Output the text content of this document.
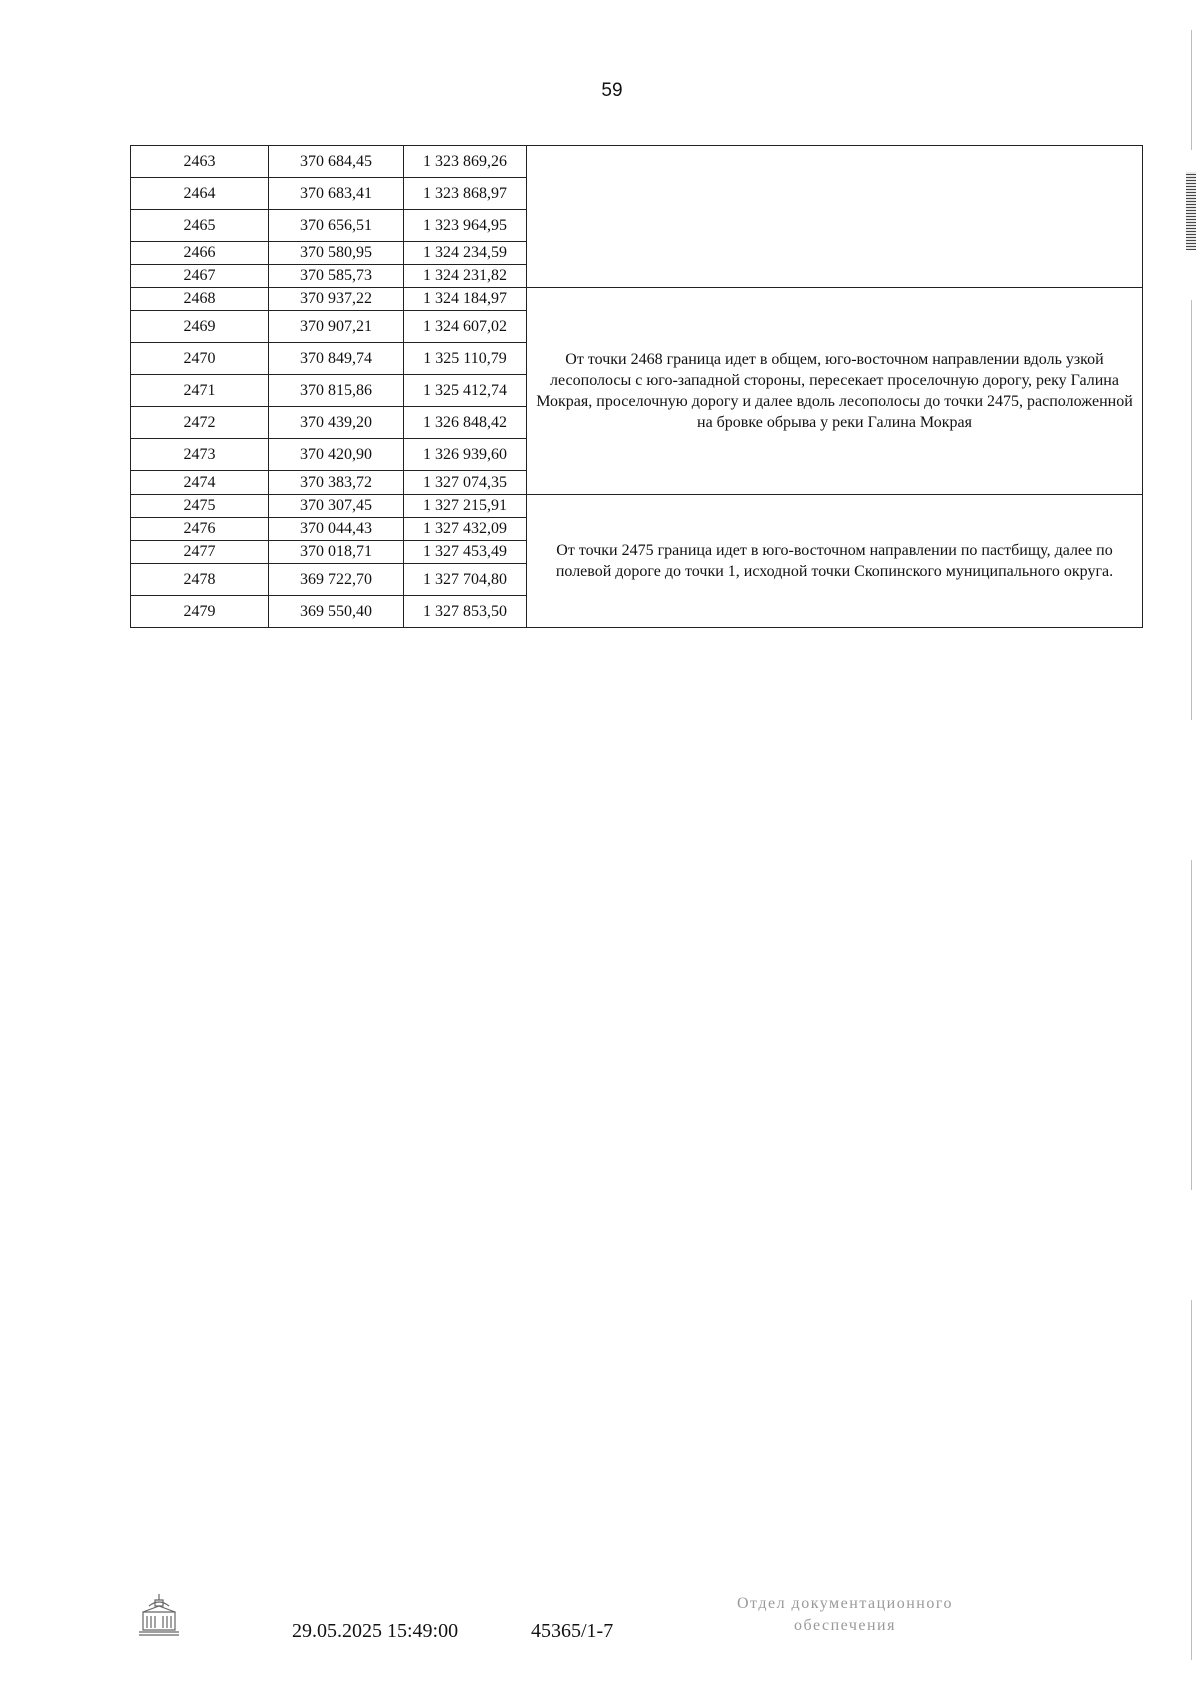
59
2463	370 684,45	1 323 869,26	
2464	370 683,41	1 323 868,97	
2465	370 656,51	1 323 964,95	
2466	370 580,95	1 324 234,59	
2467	370 585,73	1 324 231,82	
2468	370 937,22	1 324 184,97	От точки 2468 граница идет в общем, юго-восточном направлении вдоль узкой лесополосы с юго-западной стороны, пересекает проселочную дорогу, реку Галина Мокрая, проселочную дорогу и далее вдоль лесополосы до точки 2475, расположенной на бровке обрыва у реки Галина Мокрая
2469	370 907,21	1 324 607,02	
2470	370 849,74	1 325 110,79	
2471	370 815,86	1 325 412,74	
2472	370 439,20	1 326 848,42	
2473	370 420,90	1 326 939,60	
2474	370 383,72	1 327 074,35	
2475	370 307,45	1 327 215,91	От точки 2475 граница идет в юго-восточном направлении по пастбищу, далее по полевой дороге до точки 1, исходной точки Скопинского муниципального округа.
2476	370 044,43	1 327 432,09	
2477	370 018,71	1 327 453,49	
2478	369 722,70	1 327 704,80	
2479	369 550,40	1 327 853,50	
29.05.2025 15:49:00	45365/1-7
Отдел документационного
обеспечения
